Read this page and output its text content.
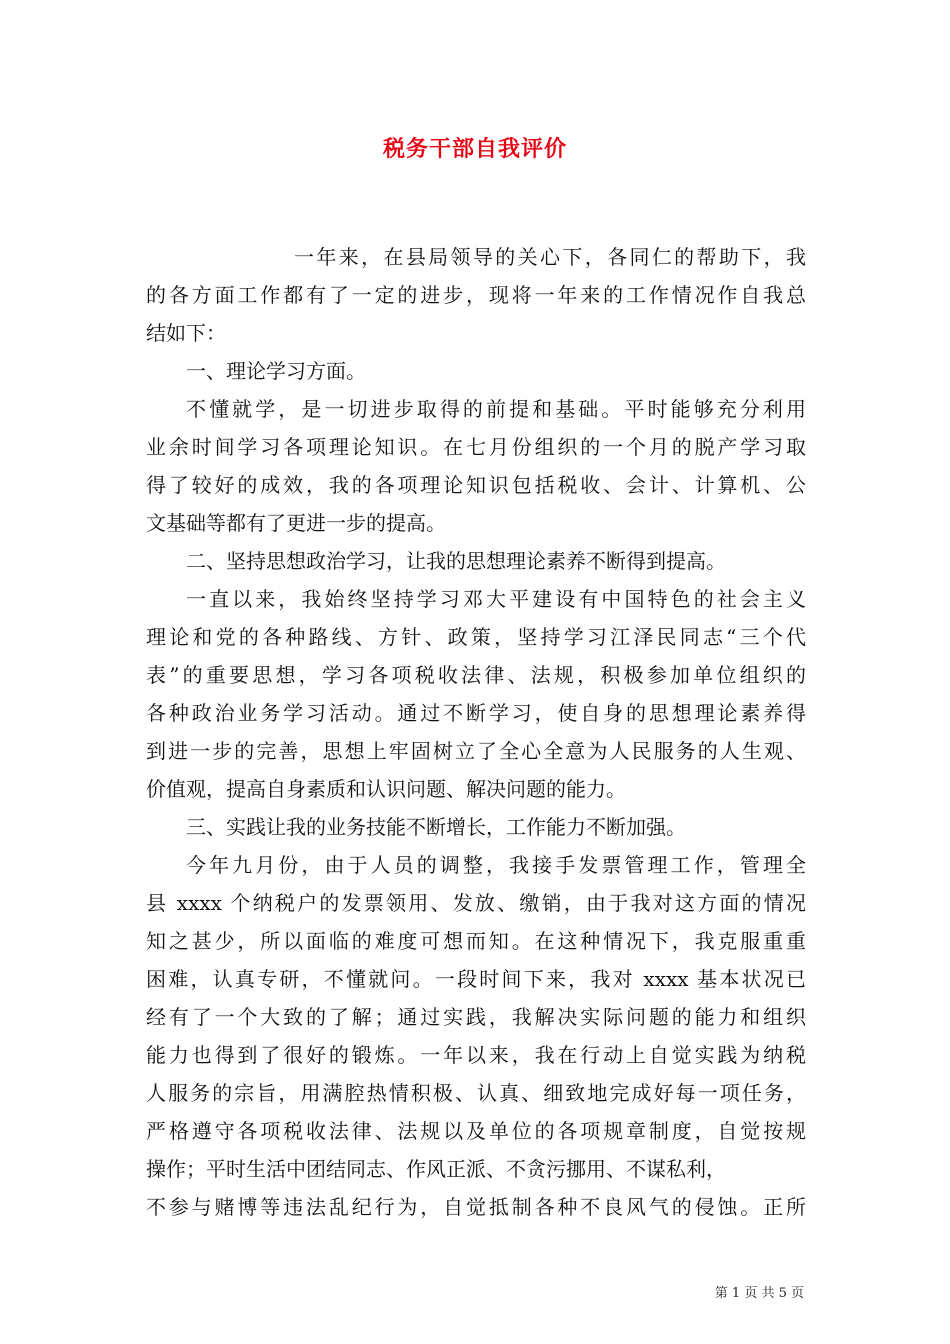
税务干部自我评价
一年来，在县局领导的关心下，各同仁的帮助下，我
的各方面工作都有了一定的进步，现将一年来的工作情况作自我总
结如下：
一、理论学习方面。
不懂就学，是一切进步取得的前提和基础。平时能够充分利用
业余时间学习各项理论知识。在七月份组织的一个月的脱产学习取
得了较好的成效，我的各项理论知识包括税收、会计、计算机、公
文基础等都有了更进一步的提高。
二、坚持思想政治学习，让我的思想理论素养不断得到提高。
一直以来，我始终坚持学习邓大平建设有中国特色的社会主义
理论和党的各种路线、方针、政策，坚持学习江泽民同志“三个代
表”的重要思想，学习各项税收法律、法规，积极参加单位组织的
各种政治业务学习活动。通过不断学习，使自身的思想理论素养得
到进一步的完善，思想上牢固树立了全心全意为人民服务的人生观、
价值观，提高自身素质和认识问题、解决问题的能力。
三、实践让我的业务技能不断增长，工作能力不断加强。
今年九月份，由于人员的调整，我接手发票管理工作，管理全
县 xxxx 个纳税户的发票领用、发放、缴销，由于我对这方面的情况
知之甚少，所以面临的难度可想而知。在这种情况下，我克服重重
困难，认真专研，不懂就问。一段时间下来，我对 xxxx 基本状况已
经有了一个大致的了解；通过实践，我解决实际问题的能力和组织
能力也得到了很好的锻炼。一年以来，我在行动上自觉实践为纳税
人服务的宗旨，用满腔热情积极、认真、细致地完成好每一项任务，
严格遵守各项税收法律、法规以及单位的各项规章制度，自觉按规
操作；平时生活中团结同志、作风正派、不贪污挪用、不谋私利，
不参与赌博等违法乱纪行为，自觉抵制各种不良风气的侵蚀。正所
第 1 页 共 5 页
